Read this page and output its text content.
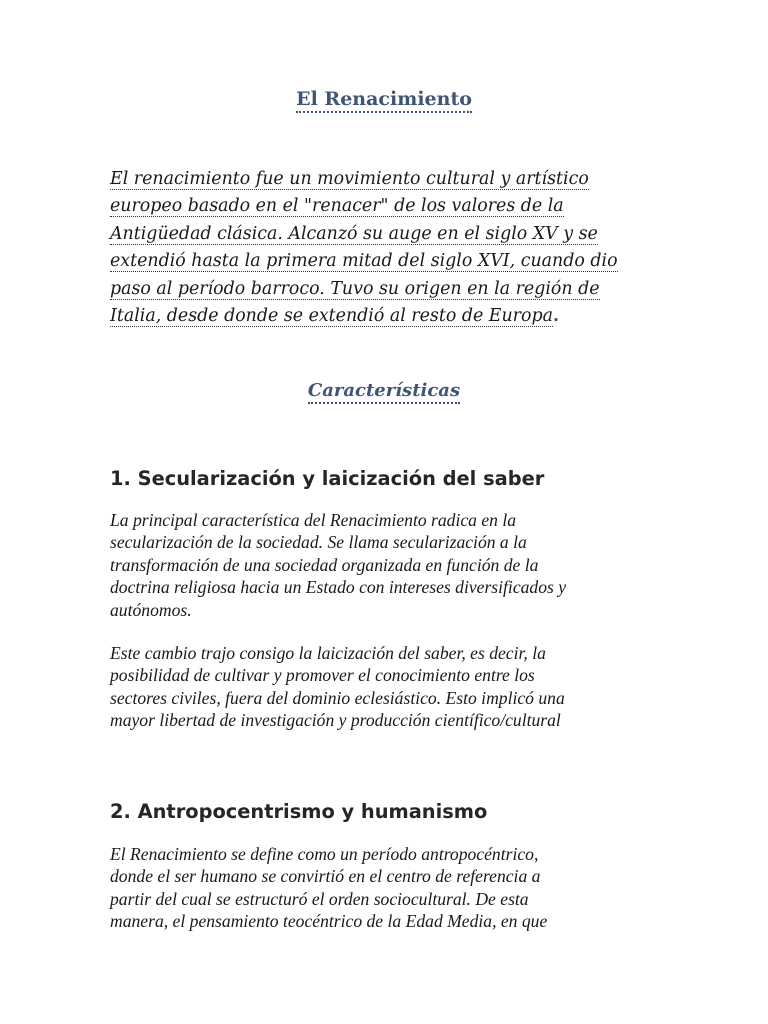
El Renacimiento

El renacimiento fue un movimiento cultural y artístico
europeo basado en el "renacer" de los valores de la
Antigüedad clásica. Alcanzó su auge en el siglo XV y se
extendió hasta la primera mitad del siglo XVI, cuando dio
paso al período barroco. Tuvo su origen en la región de
Italia, desde donde se extendió al resto de Europa.

Características
1. Secularización y laicización del saber

La principal característica del Renacimiento radica en la
secularización de la sociedad. Se llama secularización a la
transformación de una sociedad organizada en función de la
doctrina religiosa hacia un Estado con intereses diversificados y
autónomos.

Este cambio trajo consigo la laicización del saber, es decir, la
posibilidad de cultivar y promover el conocimiento entre los
sectores civiles, fuera del dominio eclesiástico. Esto implicó una
mayor libertad de investigación y producción científico/cultural

2. Antropocentrismo y humanismo

El Renacimiento se define como un período antropocéntrico,
donde el ser humano se convirtió en el centro de referencia a
partir del cual se estructuró el orden sociocultural. De esta
manera, el pensamiento teocéntrico de la Edad Media, en que
